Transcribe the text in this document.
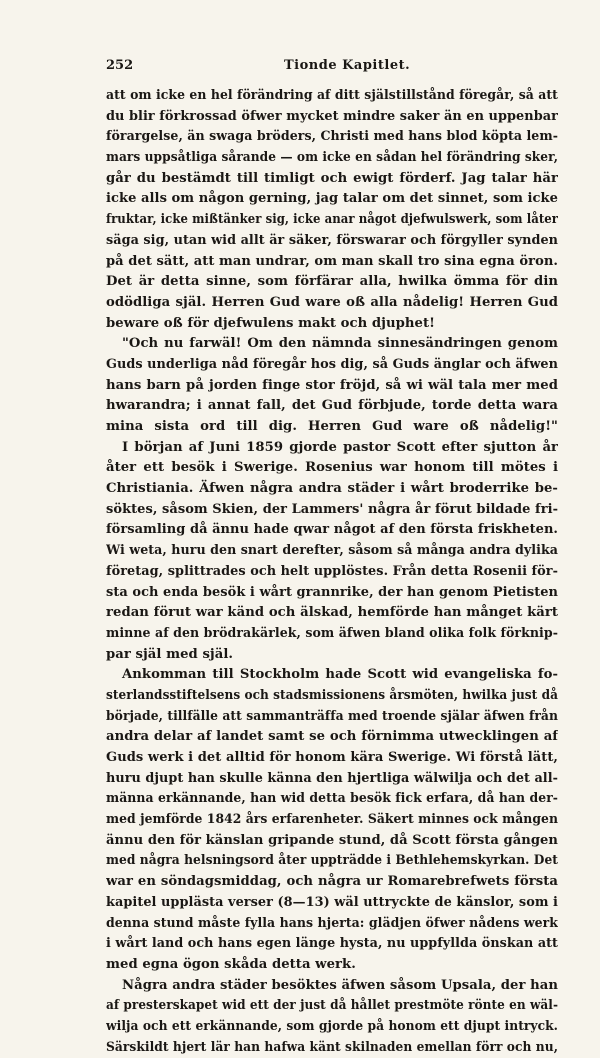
252	Tionde Kapitlet.
att om icke en hel förändring af ditt själstillstånd föregår, så att
du blir förkrossad öfwer mycket mindre saker än en uppenbar
förargelse, än swaga bröders, Christi med hans blod köpta lem-
mars uppsåtliga sårande — om icke en sådan hel förändring sker,
går du bestämdt till timligt och ewigt förderf. Jag talar här
icke alls om någon gerning, jag talar om det sinnet, som icke
fruktar, icke mißtänker sig, icke anar något djefwulswerk, som låter
säga sig, utan wid allt är säker, förswarar och förgyller synden
på det sätt, att man undrar, om man skall tro sina egna öron.
Det är detta sinne, som förfärar alla, hwilka ömma för din
odödliga själ. Herren Gud ware oß alla nådelig! Herren Gud
beware oß för djefwulens makt och djuphet!
"Och nu farwäl! Om den nämnda sinnesändringen genom
Guds underliga nåd föregår hos dig, så Guds änglar och äfwen
hans barn på jorden finge stor fröjd, så wi wäl tala mer med
hwarandra; i annat fall, det Gud förbjude, torde detta wara
mina sista ord till dig. Herren Gud ware oß nådelig!"
I början af Juni 1859 gjorde pastor Scott efter sjutton år
åter ett besök i Swerige. Rosenius war honom till mötes i
Christiania. Äfwen några andra städer i wårt broderrike be-
söktes, såsom Skien, der Lammers' några år förut bildade fri-
församling då ännu hade qwar något af den första friskheten.
Wi weta, huru den snart derefter, såsom så många andra dylika
företag, splittrades och helt upplöstes. Från detta Rosenii för-
sta och enda besök i wårt grannrike, der han genom Pietisten
redan förut war känd och älskad, hemförde han månget kärt
minne af den brödrakärlek, som äfwen bland olika folk förknip-
par själ med själ.
Ankomman till Stockholm hade Scott wid evangeliska fo-
sterlandsstiftelsens och stadsmissionens årsmöten, hwilka just då
började, tillfälle att sammanträffa med troende själar äfwen från
andra delar af landet samt se och förnimma utwecklingen af
Guds werk i det alltid för honom kära Swerige. Wi förstå lätt,
huru djupt han skulle känna den hjertliga wälwilja och det all-
männa erkännande, han wid detta besök fick erfara, då han der-
med jemförde 1842 års erfarenheter. Säkert minnes ock mången
ännu den för känslan gripande stund, då Scott första gången
med några helsningsord åter uppträdde i Bethlehemskyrkan. Det
war en söndagsmiddag, och några ur Romarebrefwets första
kapitel upplästa verser (8—13) wäl uttryckte de känslor, som i
denna stund måste fylla hans hjerta: glädjen öfwer nådens werk
i wårt land och hans egen länge hysta, nu uppfyllda önskan att
med egna ögon skåda detta werk.
Några andra städer besöktes äfwen såsom Upsala, der han
af presterskapet wid ett der just då hållet prestmöte rönte en wäl-
wilja och ett erkännande, som gjorde på honom ett djupt intryck.
Särskildt hjert lär han hafwa känt skilnaden emellan förr och nu,
